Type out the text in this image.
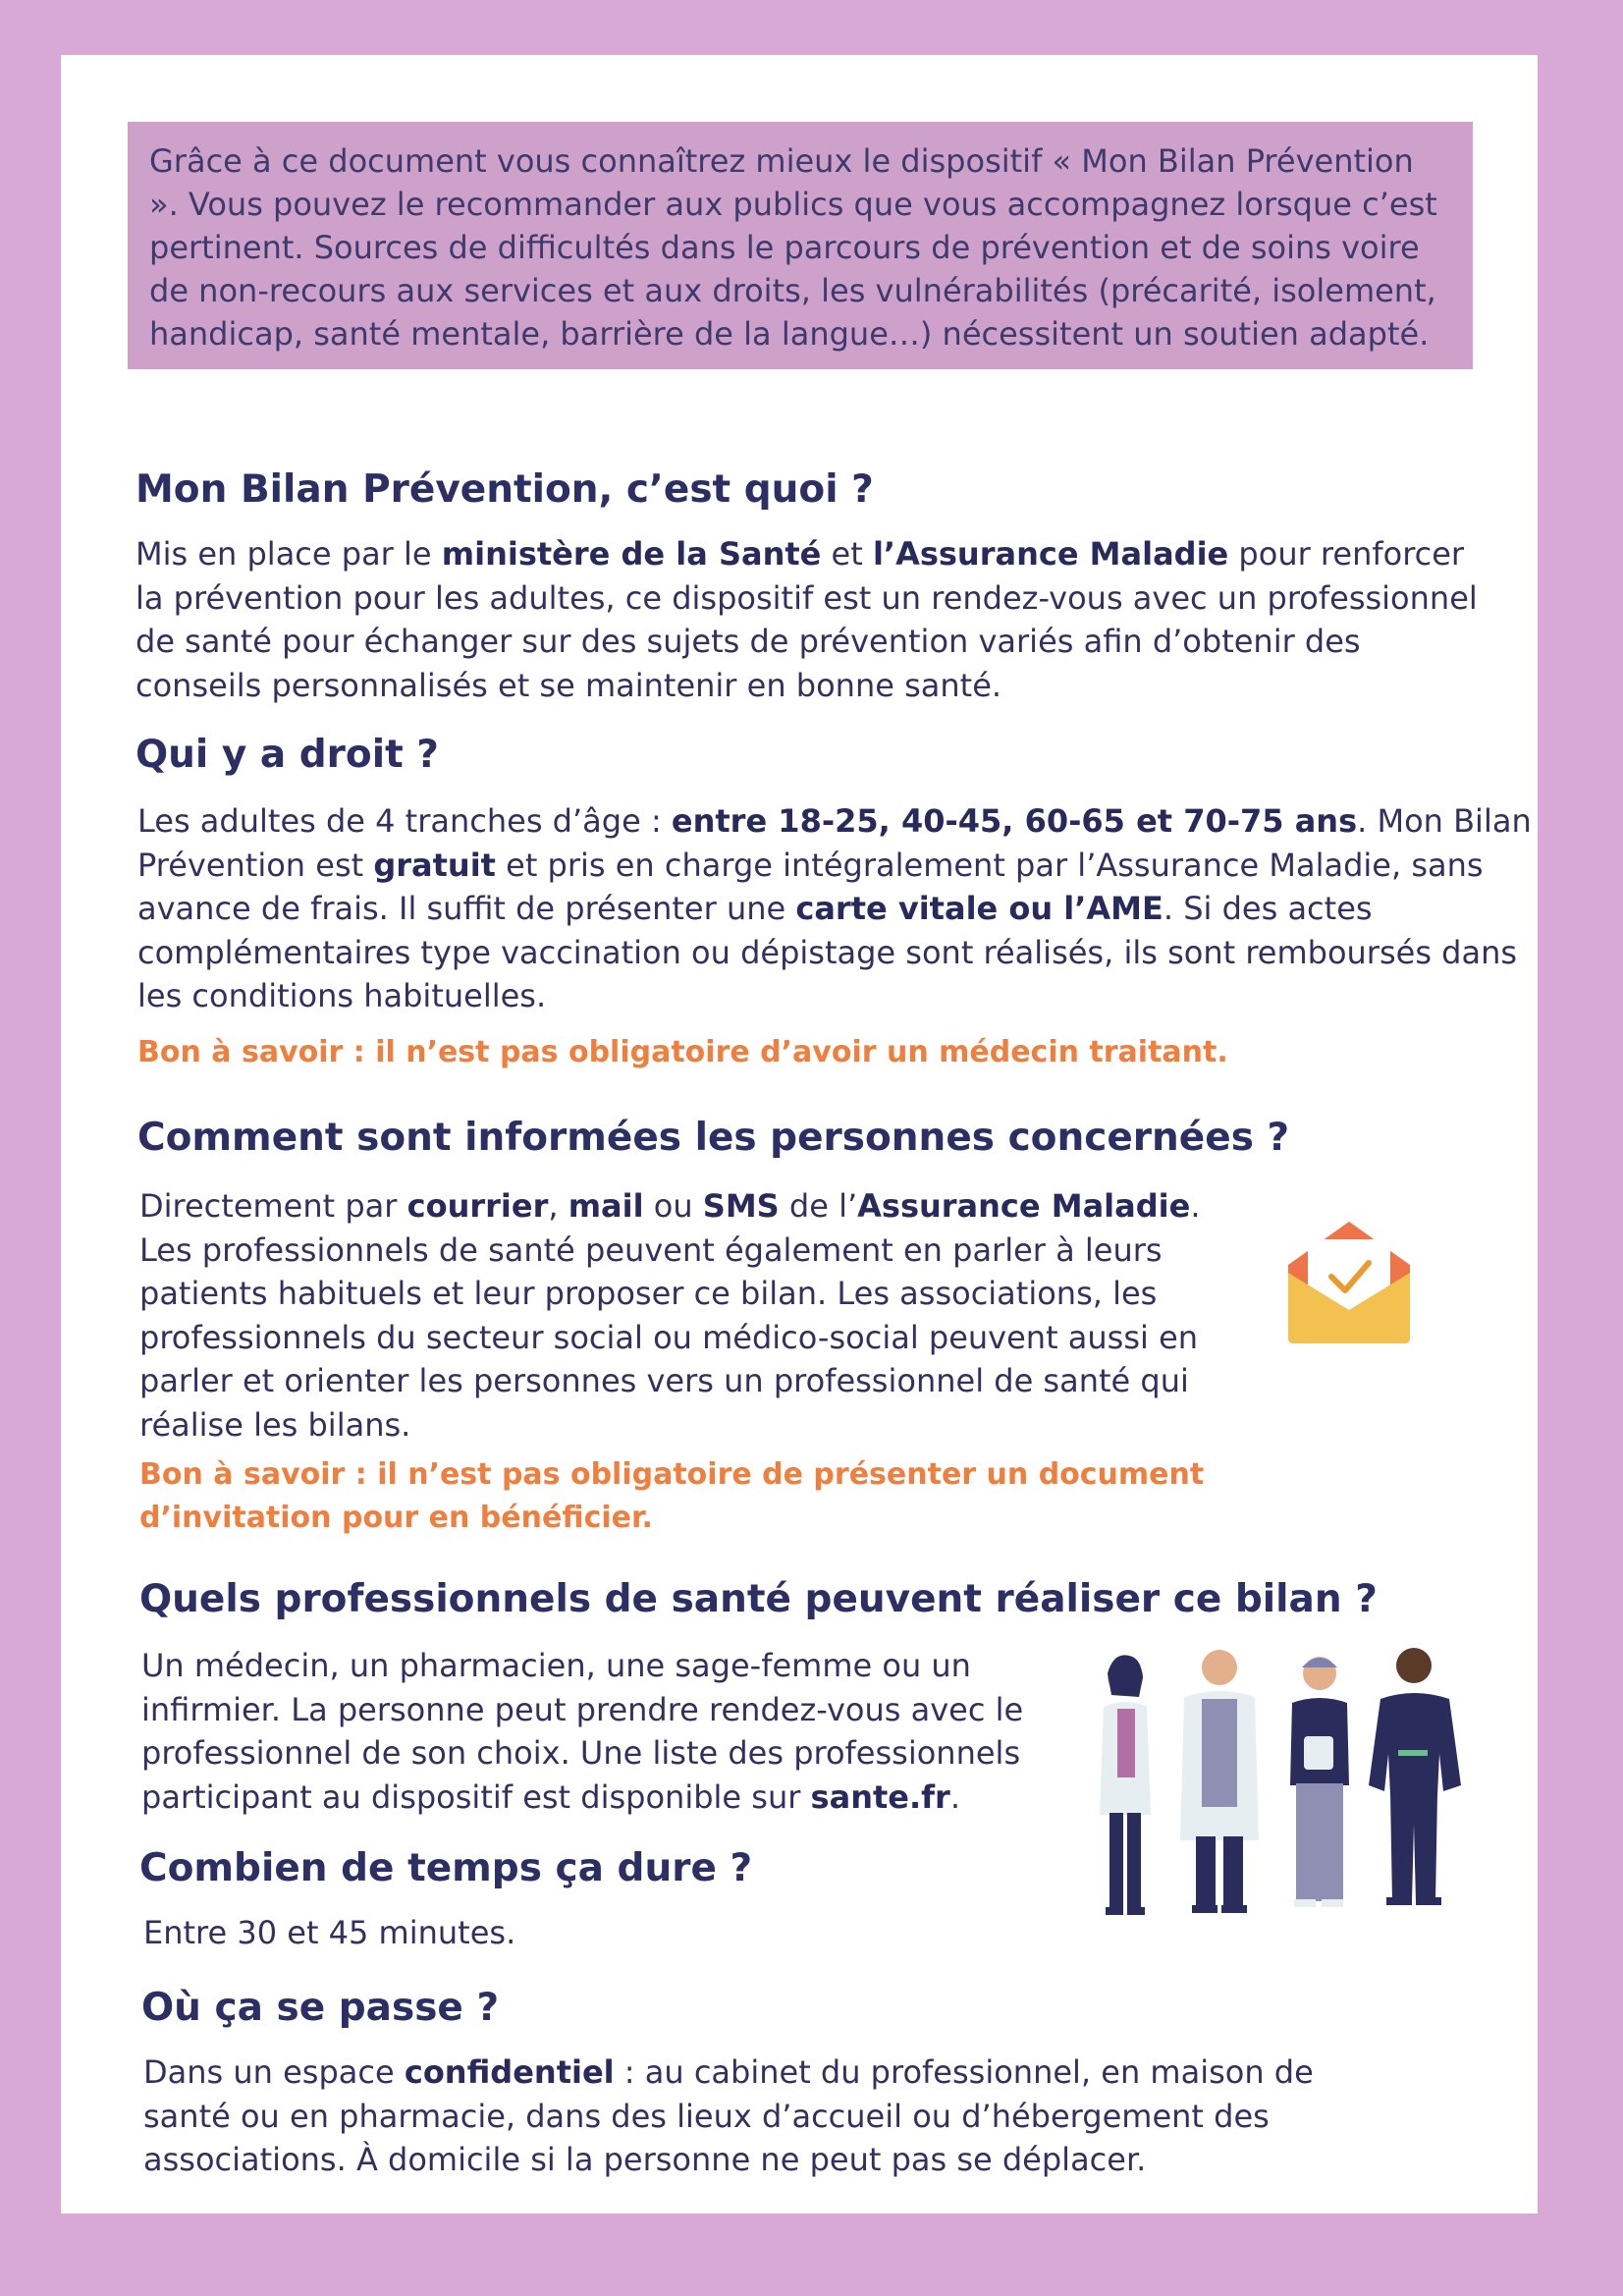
Grâce à ce document vous connaîtrez mieux le dispositif « Mon Bilan Prévention ». Vous pouvez le recommander aux publics que vous accompagnez lorsque c’est pertinent. Sources de difficultés dans le parcours de prévention et de soins voire de non-recours aux services et aux droits, les vulnérabilités (précarité, isolement, handicap, santé mentale, barrière de la langue…) nécessitent un soutien adapté.
Mon Bilan Prévention, c’est quoi ?
Mis en place par le ministère de la Santé et l’Assurance Maladie pour renforcer la prévention pour les adultes, ce dispositif est un rendez-vous avec un professionnel de santé pour échanger sur des sujets de prévention variés afin d’obtenir des conseils personnalisés et se maintenir en bonne santé.
Qui y a droit ?
Les adultes de 4 tranches d’âge : entre 18-25, 40-45, 60-65 et 70-75 ans. Mon Bilan Prévention est gratuit et pris en charge intégralement par l’Assurance Maladie, sans avance de frais. Il suffit de présenter une carte vitale ou l’AME. Si des actes complémentaires type vaccination ou dépistage sont réalisés, ils sont remboursés dans les conditions habituelles.
Bon à savoir : il n’est pas obligatoire d’avoir un médecin traitant.
Comment sont informées les personnes concernées ?
Directement par courrier, mail ou SMS de l’Assurance Maladie. Les professionnels de santé peuvent également en parler à leurs patients habituels et leur proposer ce bilan. Les associations, les professionnels du secteur social ou médico-social peuvent aussi en parler et orienter les personnes vers un professionnel de santé qui réalise les bilans.
Bon à savoir : il n’est pas obligatoire de présenter un document d’invitation pour en bénéficier.
Quels professionnels de santé peuvent réaliser ce bilan ?
Un médecin, un pharmacien, une sage-femme ou un infirmier. La personne peut prendre rendez-vous avec le professionnel de son choix. Une liste des professionnels participant au dispositif est disponible sur sante.fr.
Combien de temps ça dure ?
Entre 30 et 45 minutes.
Où ça se passe ?
Dans un espace confidentiel : au cabinet du professionnel, en maison de santé ou en pharmacie, dans des lieux d’accueil ou d’hébergement des associations. À domicile si la personne ne peut pas se déplacer.
